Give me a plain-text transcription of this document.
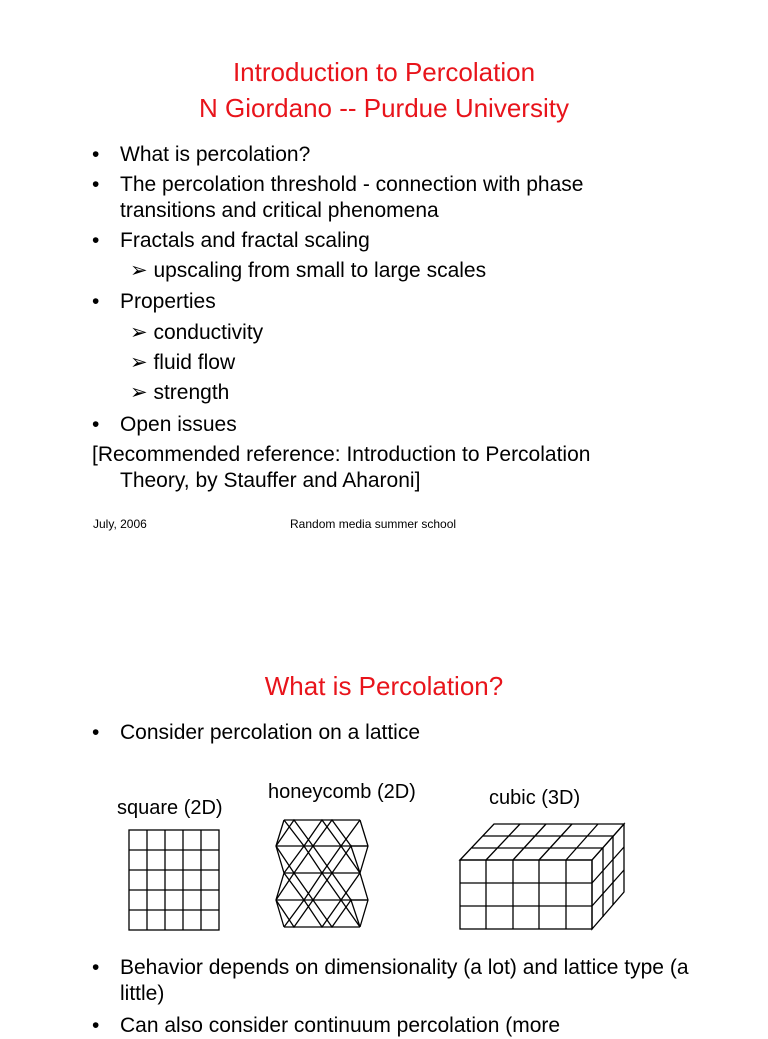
Introduction to Percolation
N Giordano -- Purdue University
• What is percolation?
• The percolation threshold - connection with phase transitions and critical phenomena
• Fractals and fractal scaling
➢ upscaling from small to large scales
• Properties
➢ conductivity
➢ fluid flow
➢ strength
• Open issues
[Recommended reference: Introduction to Percolation
Theory, by Stauffer and Aharoni]
July, 2006	Random media summer school
What is Percolation?
• Consider percolation on a lattice
square (2D)
honeycomb (2D)	cubic (3D)
• Behavior depends on dimensionality (a lot) and lattice type (a little)
• Can also consider continuum percolation (more
